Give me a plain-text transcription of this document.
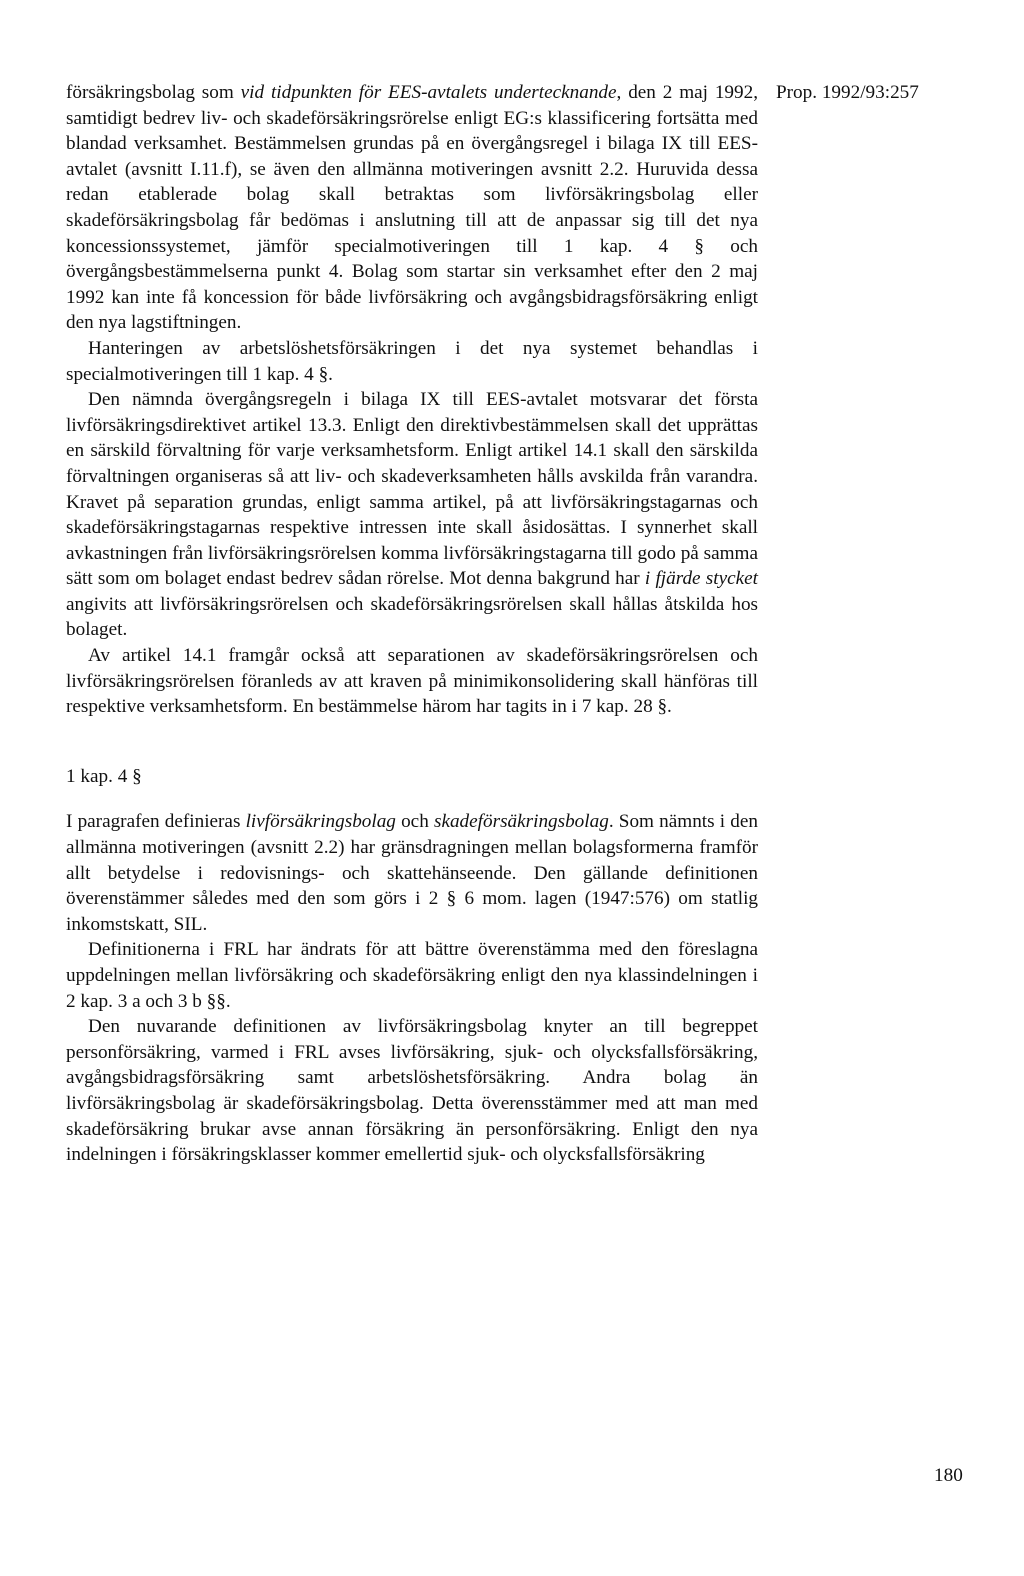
Prop. 1992/93:257

försäkringsbolag som vid tidpunkten för EES-avtalets undertecknande, den 2 maj 1992, samtidigt bedrev liv- och skadeförsäkringsrörelse enligt EG:s klassificering fortsätta med blandad verksamhet. Bestämmelsen grundas på en övergångsregel i bilaga IX till EES-avtalet (avsnitt I.11.f), se även den allmänna motiveringen avsnitt 2.2. Huruvida dessa redan etablerade bolag skall betraktas som livförsäkringsbolag eller skadeförsäkringsbolag får bedömas i anslutning till att de anpassar sig till det nya koncessionssystemet, jämför specialmotiveringen till 1 kap. 4 § och övergångsbestämmelserna punkt 4. Bolag som startar sin verksamhet efter den 2 maj 1992 kan inte få koncession för både livförsäkring och avgångsbidragsförsäkring enligt den nya lagstiftningen.

Hanteringen av arbetslöshetsförsäkringen i det nya systemet behandlas i specialmotiveringen till 1 kap. 4 §.

Den nämnda övergångsregeln i bilaga IX till EES-avtalet motsvarar det första livförsäkringsdirektivet artikel 13.3. Enligt den direktivbestämmelsen skall det upprättas en särskild förvaltning för varje verksamhetsform. Enligt artikel 14.1 skall den särskilda förvaltningen organiseras så att liv- och skadeverksamheten hålls avskilda från varandra. Kravet på separation grundas, enligt samma artikel, på att livförsäkringstagarnas och skadeförsäkringstagarnas respektive intressen inte skall åsidosättas. I synnerhet skall avkastningen från livförsäkringsrörelsen komma livförsäkringstagarna till godo på samma sätt som om bolaget endast bedrev sådan rörelse. Mot denna bakgrund har i fjärde stycket angivits att livförsäkringsrörelsen och skadeförsäkringsrörelsen skall hållas åtskilda hos bolaget.

Av artikel 14.1 framgår också att separationen av skadeförsäkringsrörelsen och livförsäkringsrörelsen föranleds av att kraven på minimikonsolidering skall hänföras till respektive verksamhetsform. En bestämmelse härom har tagits in i 7 kap. 28 §.

1 kap. 4 §

I paragrafen definieras livförsäkringsbolag och skadeförsäkringsbolag. Som nämnts i den allmänna motiveringen (avsnitt 2.2) har gränsdragningen mellan bolagsformerna framför allt betydelse i redovisnings- och skattehänseende. Den gällande definitionen överenstämmer således med den som görs i 2 § 6 mom. lagen (1947:576) om statlig inkomstskatt, SIL.

Definitionerna i FRL har ändrats för att bättre överenstämma med den föreslagna uppdelningen mellan livförsäkring och skadeförsäkring enligt den nya klassindelningen i 2 kap. 3 a och 3 b §§.

Den nuvarande definitionen av livförsäkringsbolag knyter an till begreppet personförsäkring, varmed i FRL avses livförsäkring, sjuk- och olycksfallsförsäkring, avgångsbidragsförsäkring samt arbetslöshetsförsäkring. Andra bolag än livförsäkringsbolag är skadeförsäkringsbolag. Detta överensstämmer med att man med skadeförsäkring brukar avse annan försäkring än personförsäkring. Enligt den nya indelningen i försäkringsklasser kommer emellertid sjuk- och olycksfallsförsäkring

180
